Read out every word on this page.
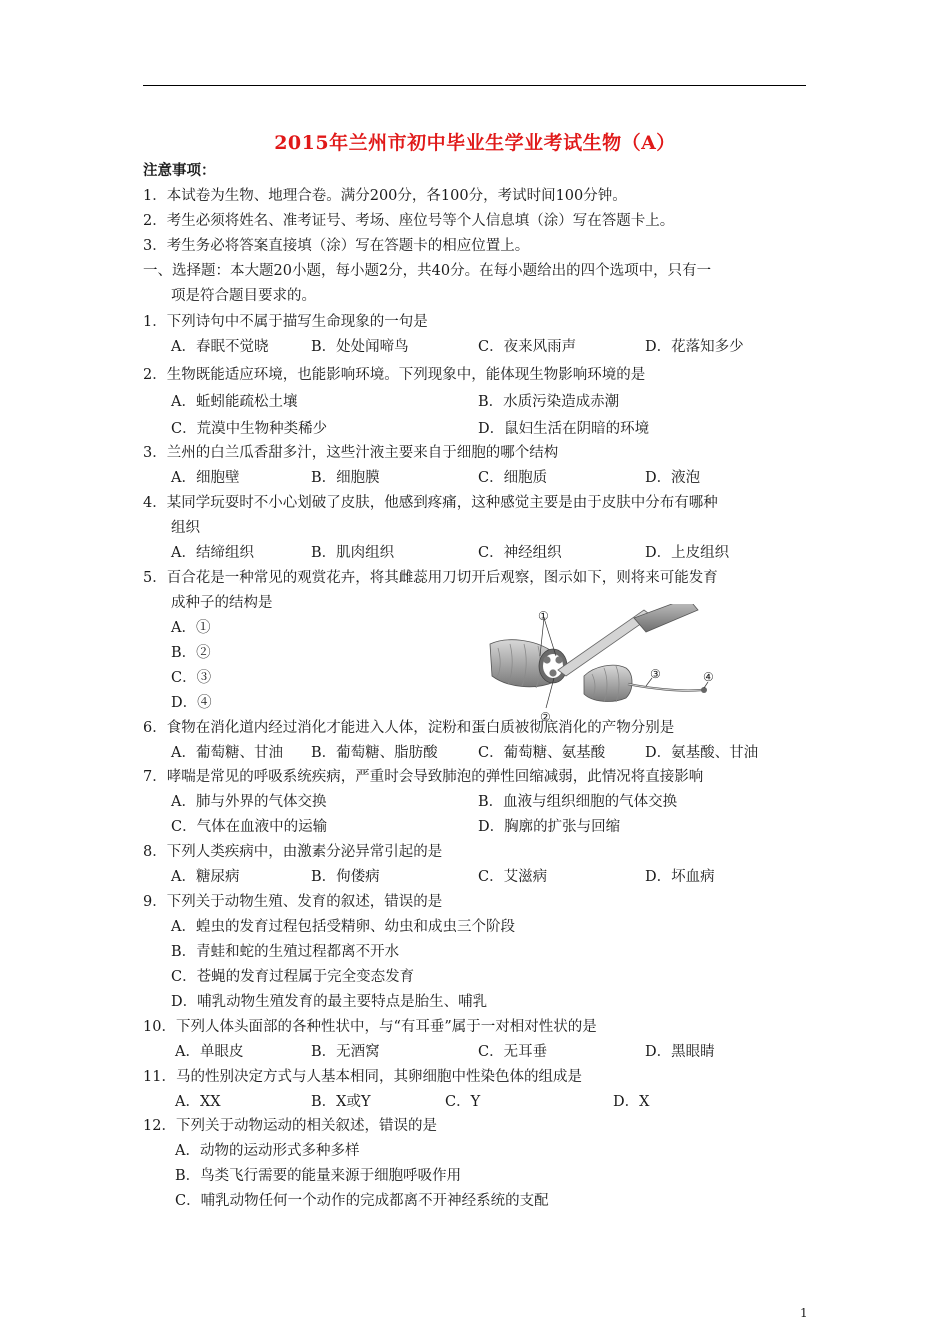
2015年兰州市初中毕业生学业考试生物（A）
注意事项：
1．本试卷为生物、地理合卷。满分200分，各100分，考试时间100分钟。
2．考生必须将姓名、准考证号、考场、座位号等个人信息填（涂）写在答题卡上。
3．考生务必将答案直接填（涂）写在答题卡的相应位置上。
一、选择题：本大题20小题，每小题2分，共40分。在每小题给出的四个选项中，只有一
项是符合题目要求的。
1．下列诗句中不属于描写生命现象的一句是
A．春眠不觉晓	B．处处闻啼鸟	C．夜来风雨声	D．花落知多少
2．生物既能适应环境，也能影响环境。下列现象中，能体现生物影响环境的是
A．蚯蚓能疏松土壤	B．水质污染造成赤潮
C．荒漠中生物种类稀少	D．鼠妇生活在阴暗的环境
3．兰州的白兰瓜香甜多汁，这些汁液主要来自于细胞的哪个结构
A．细胞壁	B．细胞膜	C．细胞质	D．液泡
4．某同学玩耍时不小心划破了皮肤，他感到疼痛，这种感觉主要是由于皮肤中分布有哪种
组织
A．结缔组织	B．肌肉组织	C．神经组织	D．上皮组织
5．百合花是一种常见的观赏花卉，将其雌蕊用刀切开后观察，图示如下，则将来可能发育
成种子的结构是
A．①
B．②
C．③
D．④
①
②
③	④
6．食物在消化道内经过消化才能进入人体，淀粉和蛋白质被彻底消化的产物分别是
A．葡萄糖、甘油 B．葡萄糖、脂肪酸	C．葡萄糖、氨基酸	D．氨基酸、甘油
7．哮喘是常见的呼吸系统疾病，严重时会导致肺泡的弹性回缩减弱，此情况将直接影响
A．肺与外界的气体交换	B．血液与组织细胞的气体交换
C．气体在血液中的运输	D．胸廓的扩张与回缩
8．下列人类疾病中，由激素分泌异常引起的是
A．糖尿病	B．佝偻病	C．艾滋病	D．坏血病
9．下列关于动物生殖、发育的叙述，错误的是
A．蝗虫的发育过程包括受精卵、幼虫和成虫三个阶段
B．青蛙和蛇的生殖过程都离不开水
C．苍蝇的发育过程属于完全变态发育
D．哺乳动物生殖发育的最主要特点是胎生、哺乳
10．下列人体头面部的各种性状中，与“有耳垂”属于一对相对性状的是
A．单眼皮	B．无酒窝	C．无耳垂	D．黑眼睛
11．马的性别决定方式与人基本相同，其卵细胞中性染色体的组成是
A．XX	B．X或Y	C．Y	D．X
12．下列关于动物运动的相关叙述，错误的是
A．动物的运动形式多种多样
B．鸟类飞行需要的能量来源于细胞呼吸作用
C．哺乳动物任何一个动作的完成都离不开神经系统的支配
1
